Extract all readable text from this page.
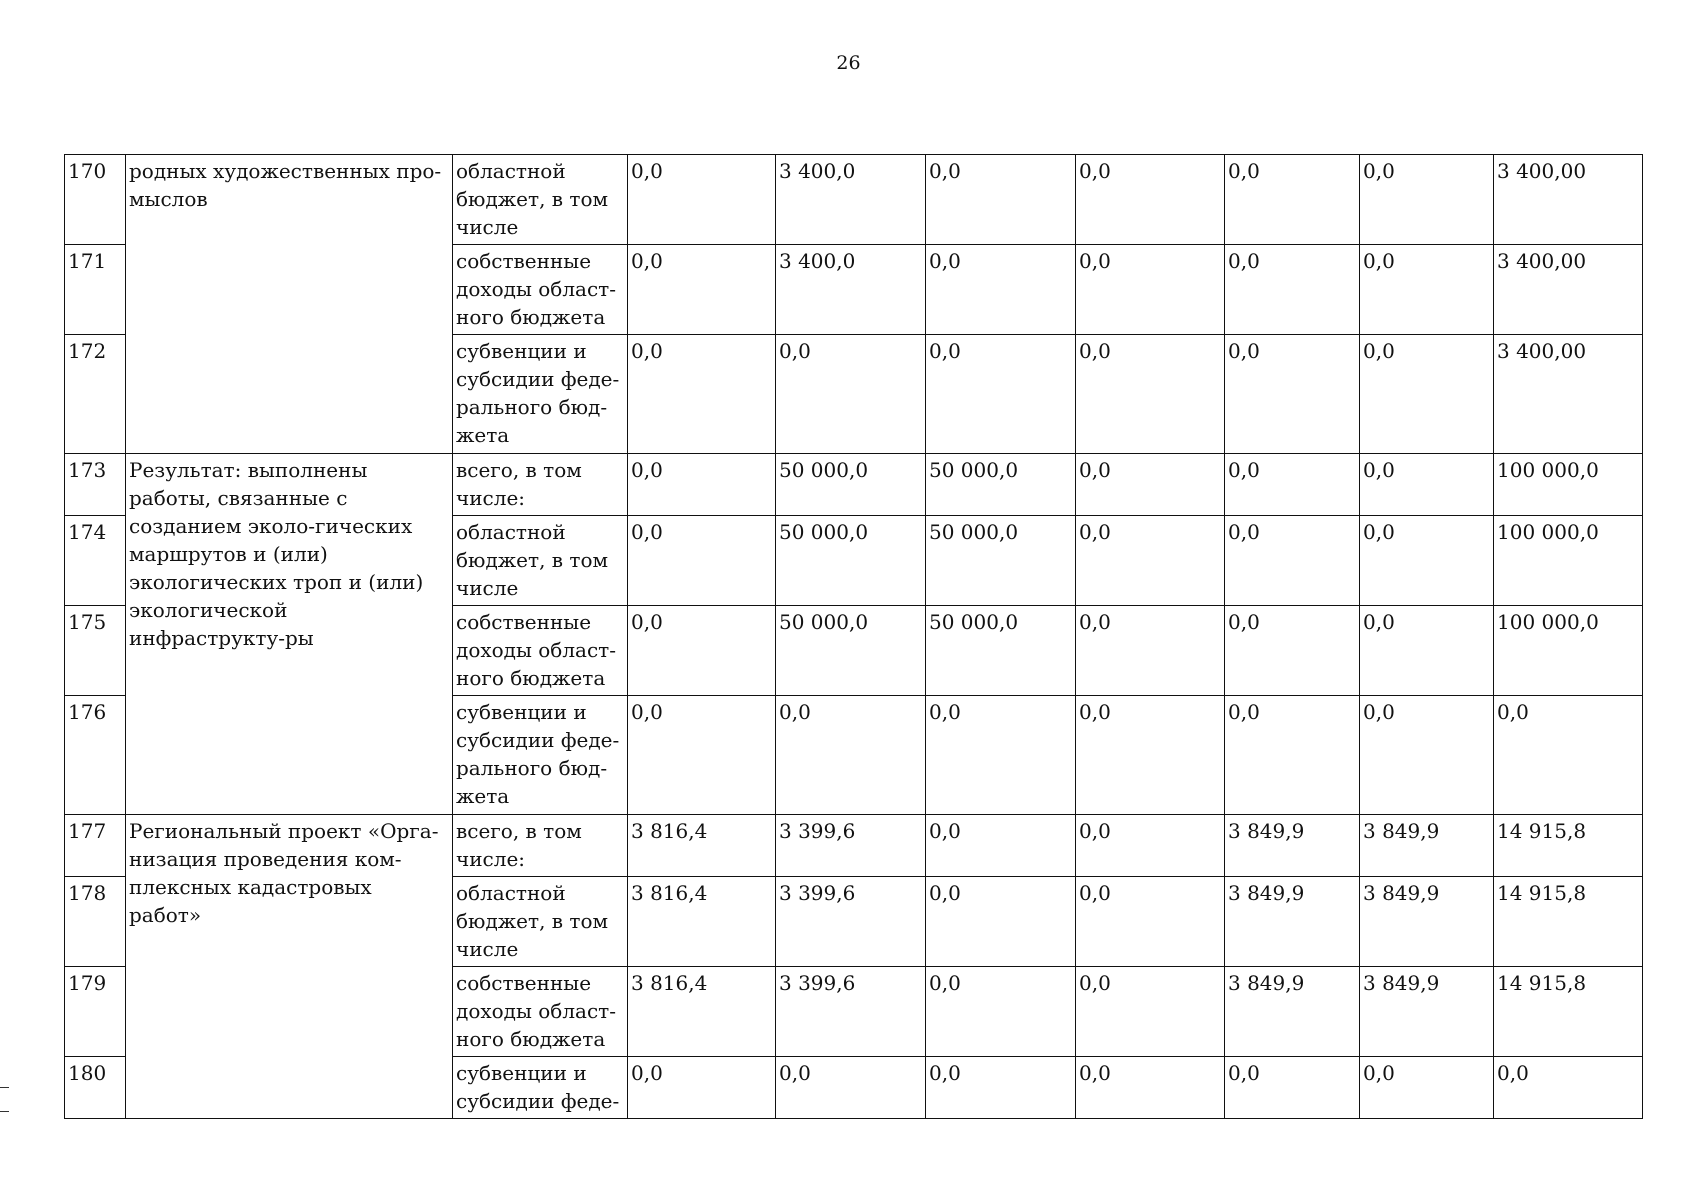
26
170	родных художественных про-мыслов	областной бюджет, в том числе	0,0	3 400,0	0,0	0,0	0,0	0,0	3 400,00
171		собственные доходы област-ного бюджета	0,0	3 400,0	0,0	0,0	0,0	0,0	3 400,00
172		субвенции и субсидии феде-рального бюд-жета	0,0	0,0	0,0	0,0	0,0	0,0	3 400,00
173	Результат: выполнены работы, связанные с созданием эколо-гических маршрутов и (или) экологических троп и (или) экологической инфраструкту-ры	всего, в том числе:	0,0	50 000,0	50 000,0	0,0	0,0	0,0	100 000,0
174		областной бюджет, в том числе	0,0	50 000,0	50 000,0	0,0	0,0	0,0	100 000,0
175		собственные доходы област-ного бюджета	0,0	50 000,0	50 000,0	0,0	0,0	0,0	100 000,0
176		субвенции и субсидии феде-рального бюд-жета	0,0	0,0	0,0	0,0	0,0	0,0	0,0
177	Региональный проект «Орга-низация проведения ком-плексных кадастровых работ»	всего, в том числе:	3 816,4	3 399,6	0,0	0,0	3 849,9	3 849,9	14 915,8
178		областной бюджет, в том числе	3 816,4	3 399,6	0,0	0,0	3 849,9	3 849,9	14 915,8
179		собственные доходы област-ного бюджета	3 816,4	3 399,6	0,0	0,0	3 849,9	3 849,9	14 915,8
180		субвенции и субсидии феде-	0,0	0,0	0,0	0,0	0,0	0,0	0,0
